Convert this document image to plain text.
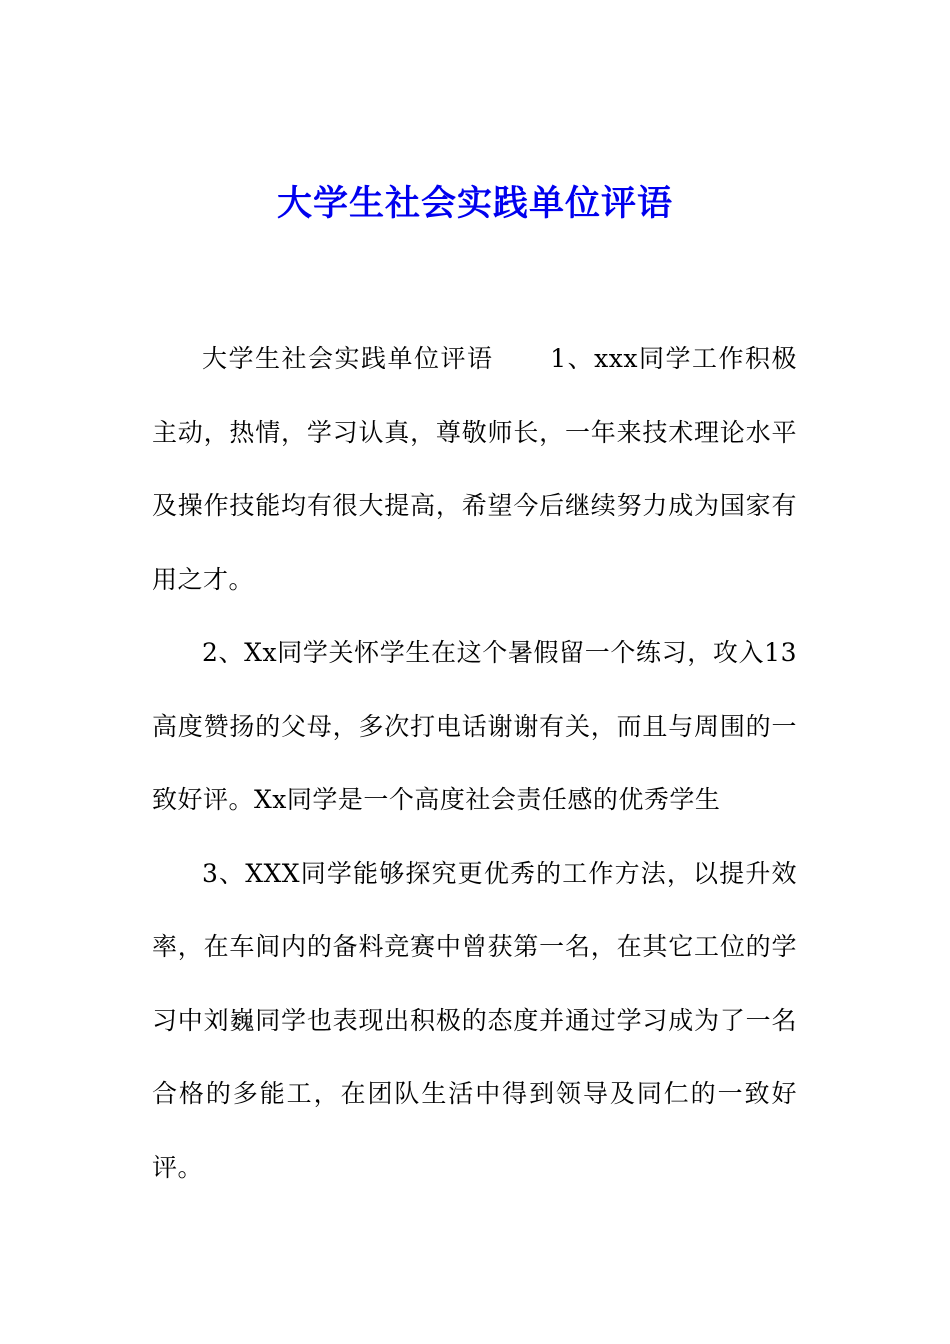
大学生社会实践单位评语

大学生社会实践单位评语      1、xxx同学工作积极主动，热情，学习认真，尊敬师长，一年来技术理论水平及操作技能均有很大提高，希望今后继续努力成为国家有用之才。

2、Xx同学关怀学生在这个暑假留一个练习，攻入13高度赞扬的父母，多次打电话谢谢有关，而且与周围的一致好评。Xx同学是一个高度社会责任感的优秀学生

3、XXX同学能够探究更优秀的工作方法，以提升效率，在车间内的备料竞赛中曾获第一名，在其它工位的学习中刘巍同学也表现出积极的态度并通过学习成为了一名合格的多能工，在团队生活中得到领导及同仁的一致好评。
